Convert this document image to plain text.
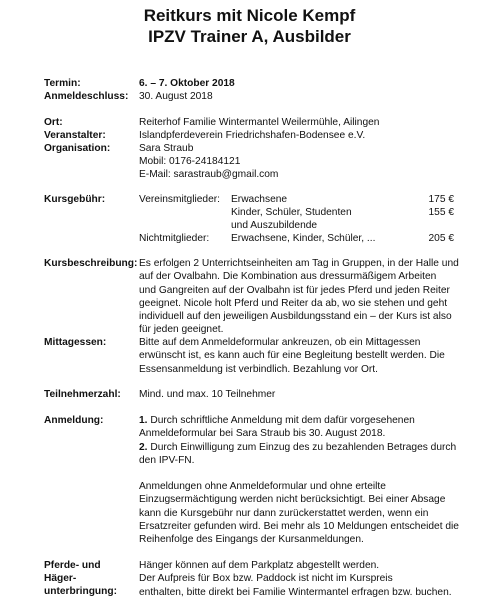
Reitkurs mit Nicole Kempf
IPZV Trainer A, Ausbilder
Termin:	6. – 7. Oktober 2018
Anmeldeschluss: 30. August 2018
Ort:	Reiterhof Familie Wintermantel Weilermühle, Ailingen
Veranstalter:	Islandpferdeverein Friedrichshafen-Bodensee e.V.
Organisation:	Sara Straub
Mobil: 0176-24184121
E-Mail: sarastraub@gmail.com
Kursgebühr:	Vereinsmitglieder: Erwachsene	175 €
Kinder, Schüler, Studenten	155 €
und Auszubildende
Nichtmitglieder: Erwachsene, Kinder, Schüler, ...	205 €
Kursbeschreibung: Es erfolgen 2 Unterrichtseinheiten am Tag in Gruppen, in der Halle und
auf der Ovalbahn. Die Kombination aus dressurmäßigem Arbeiten
und Gangreiten auf der Ovalbahn ist für jedes Pferd und jeden Reiter
geeignet. Nicole holt Pferd und Reiter da ab, wo sie stehen und geht
individuell auf den jeweiligen Ausbildungsstand ein – der Kurs ist also
für jeden geeignet.
Mittagessen:	Bitte auf dem Anmeldeformular ankreuzen, ob ein Mittagessen
erwünscht ist, es kann auch für eine Begleitung bestellt werden. Die
Essensanmeldung ist verbindlich. Bezahlung vor Ort.
Teilnehmerzahl: Mind. und max. 10 Teilnehmer
Anmeldung:	1. Durch schriftliche Anmeldung mit dem dafür vorgesehenen
Anmeldeformular bei Sara Straub bis 30. August 2018.
2. Durch Einwilligung zum Einzug des zu bezahlenden Betrages durch
den IPV-FN.
Anmeldungen ohne Anmeldeformular und ohne erteilte
Einzugsermächtigung werden nicht berücksichtigt. Bei einer Absage
kann die Kursgebühr nur dann zurückerstattet werden, wenn ein
Ersatzreiter gefunden wird. Bei mehr als 10 Meldungen entscheidet die
Reihenfolge des Eingangs der Kursanmeldungen.
Pferde- und
Häger-
unterbringung:
Hänger können auf dem Parkplatz abgestellt werden.
Der Aufpreis für Box bzw. Paddock ist nicht im Kurspreis
enthalten, bitte direkt bei Familie Wintermantel erfragen bzw. buchen.
